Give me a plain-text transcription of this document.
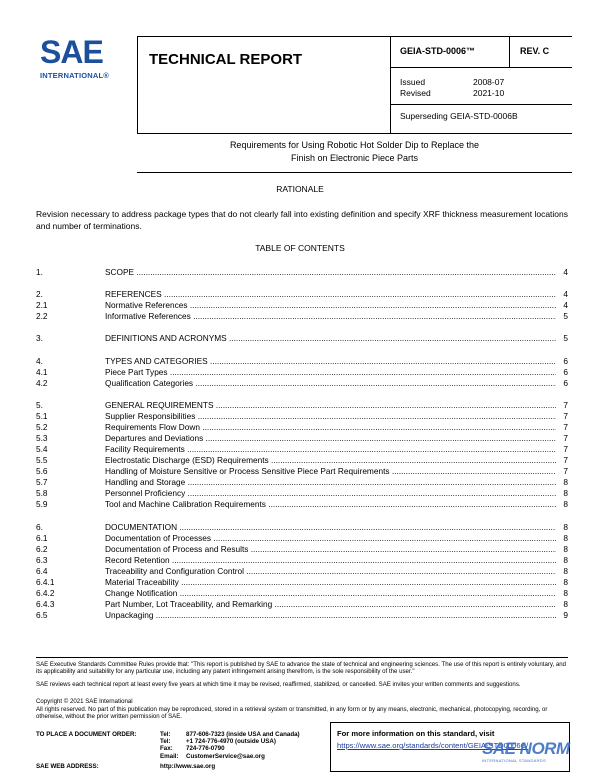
SAE
INTERNATIONAL®
TECHNICAL REPORT	GEIA-STD-0006™	REV. C
Issued	2008-07
Revised	2021-10
Superseding GEIA-STD-0006B
Requirements for Using Robotic Hot Solder Dip to Replace the
Finish on Electronic Piece Parts
RATIONALE
Revision necessary to address package types that do not clearly fall into existing definition and specify XRF thickness measurement locations and number of terminations.
TABLE OF CONTENTS
1.	SCOPE .....	4
2.	REFERENCES .....	4
2.1	Normative References .....	4
2.2	Informative References .....	5
3.	DEFINITIONS AND ACRONYMS .....	5
4.	TYPES AND CATEGORIES .....	6
4.1	Piece Part Types .....	6
4.2	Qualification Categories .....	6
5.	GENERAL REQUIREMENTS .....	7
5.1	Supplier Responsibilities .....	7
5.2	Requirements Flow Down .....	7
5.3	Departures and Deviations .....	7
5.4	Facility Requirements .....	7
5.5	Electrostatic Discharge (ESD) Requirements .....	7
5.6	Handling of Moisture Sensitive or Process Sensitive Piece Part Requirements .....	7
5.7	Handling and Storage .....	8
5.8	Personnel Proficiency .....	8
5.9	Tool and Machine Calibration Requirements .....	8
6.	DOCUMENTATION .....	8
6.1	Documentation of Processes .....	8
6.2	Documentation of Process and Results .....	8
6.3	Record Retention .....	8
6.4	Traceability and Configuration Control .....	8
6.4.1	Material Traceability .....	8
6.4.2	Change Notification .....	8
6.4.3	Part Number, Lot Traceability, and Remarking .....	8
6.5	Unpackaging .....	9
SAE Executive Standards Committee Rules provide that: "This report is published by SAE to advance the state of technical and engineering sciences. The use of this report is entirely voluntary, and its applicability and suitability for any particular use, including any patent infringement arising therefrom, is the sole responsibility of the user."
SAE reviews each technical report at least every five years at which time it may be revised, reaffirmed, stabilized, or cancelled. SAE invites your written comments and suggestions.
Copyright © 2021 SAE International
All rights reserved. No part of this publication may be reproduced, stored in a retrieval system or transmitted, in any form or by any means, electronic, mechanical, photocopying, recording, or otherwise, without the prior written permission of SAE.
TO PLACE A DOCUMENT ORDER:	Tel: 877-606-7323 (inside USA and Canada)
Tel: +1 724-776-4970 (outside USA)
Fax: 724-776-0790
Email: CustomerService@sae.org
SAE WEB ADDRESS:	http://www.sae.org
For more information on this standard, visit
https://www.sae.org/standards/content/GEIA-STD0006C/
SAE NORM
INTERNATIONAL STANDARDS
